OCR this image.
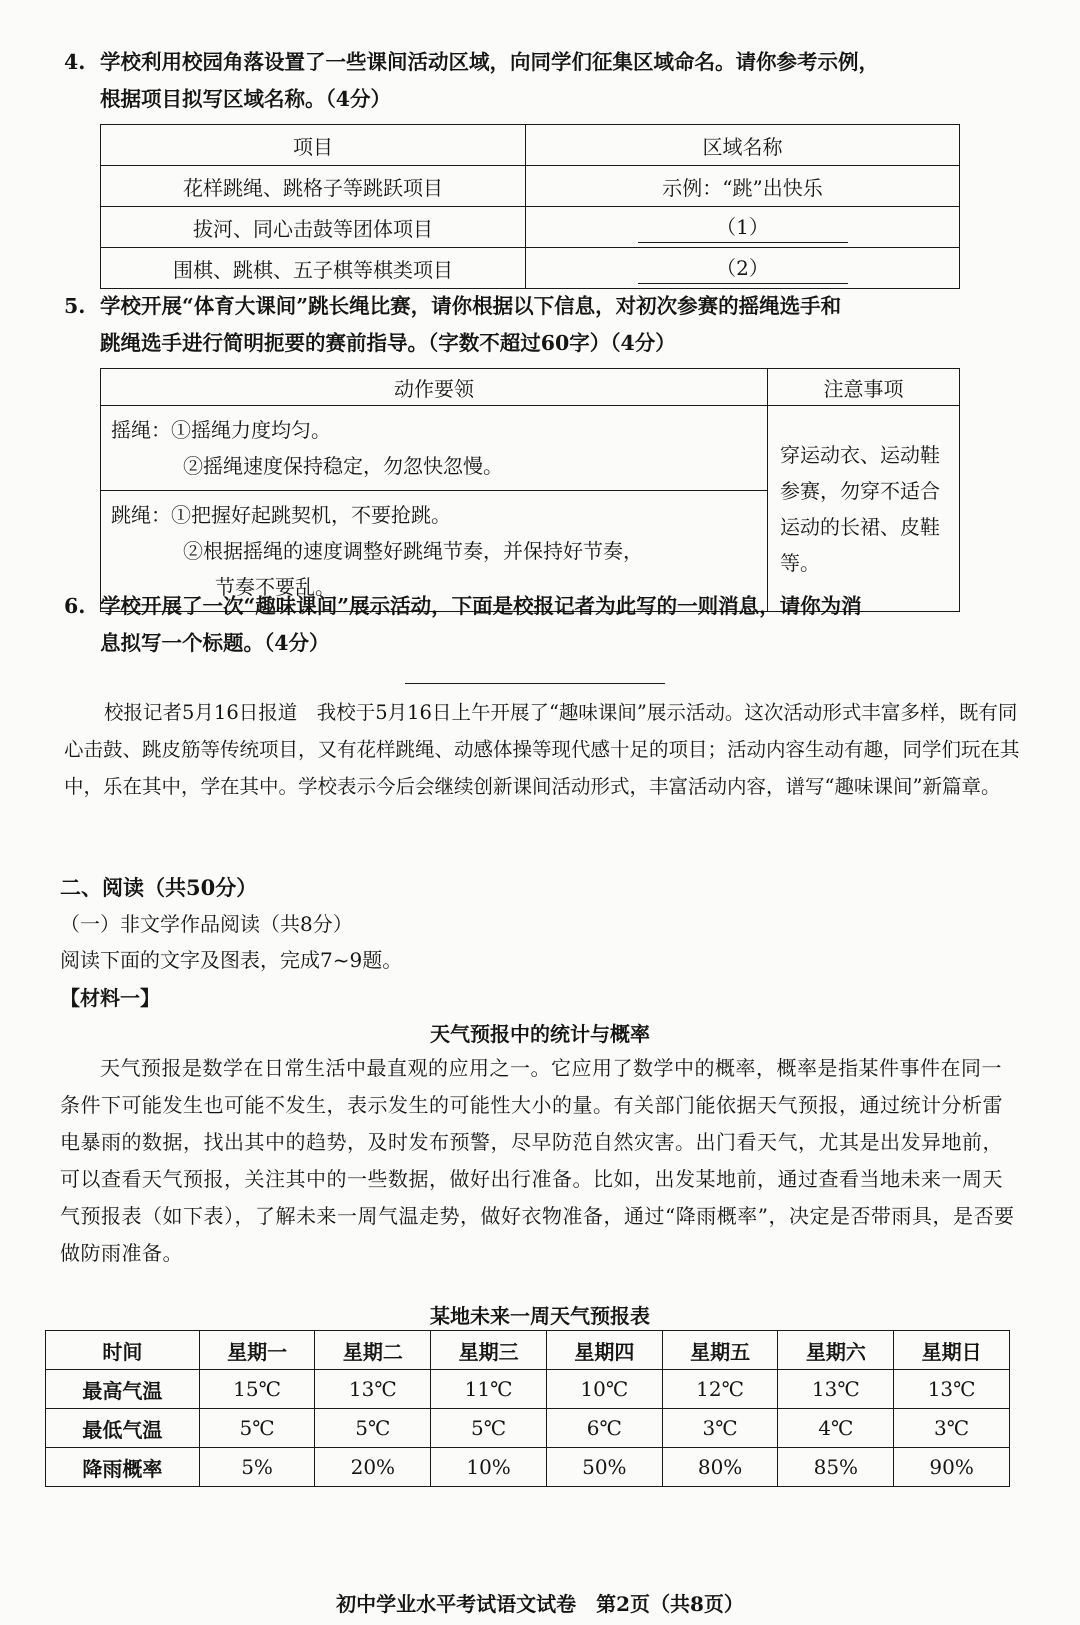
4. 学校利用校园角落设置了一些课间活动区域，向同学们征集区域命名。请你参考示例，
根据项目拟写区域名称。（4分）
项目	区域名称
花样跳绳、跳格子等跳跃项目	示例：“跳”出快乐
拔河、同心击鼓等团体项目	（1）
围棋、跳棋、五子棋等棋类项目	（2）
5. 学校开展“体育大课间”跳长绳比赛，请你根据以下信息，对初次参赛的摇绳选手和
跳绳选手进行简明扼要的赛前指导。（字数不超过60字）（4分）
动作要领	注意事项

摇绳：①摇绳力度均匀。
②摇绳速度保持稳定，勿忽快忽慢。	穿运动衣、运动鞋参赛，勿穿不适合运动的长裙、皮鞋等。

跳绳：①把握好起跳契机，不要抢跳。
②根据摇绳的速度调整好跳绳节奏，并保持好节奏，
节奏不要乱。	
6. 学校开展了一次“趣味课间”展示活动，下面是校报记者为此写的一则消息，请你为消
息拟写一个标题。（4分）
校报记者5月16日报道　我校于5月16日上午开展了“趣味课间”展示活动。这次活动形式丰富多样，既有同心击鼓、跳皮筋等传统项目，又有花样跳绳、动感体操等现代感十足的项目；活动内容生动有趣，同学们玩在其中，乐在其中，学在其中。学校表示今后会继续创新课间活动形式，丰富活动内容，谱写“趣味课间”新篇章。
二、阅读（共50分）
（一）非文学作品阅读（共8分）
阅读下面的文字及图表，完成7~9题。
【材料一】
天气预报中的统计与概率
天气预报是数学在日常生活中最直观的应用之一。它应用了数学中的概率，概率是指某件事件在同一条件下可能发生也可能不发生，表示发生的可能性大小的量。有关部门能依据天气预报，通过统计分析雷电暴雨的数据，找出其中的趋势，及时发布预警，尽早防范自然灾害。出门看天气，尤其是出发异地前，可以查看天气预报，关注其中的一些数据，做好出行准备。比如，出发某地前，通过查看当地未来一周天气预报表（如下表），了解未来一周气温走势，做好衣物准备，通过“降雨概率”，决定是否带雨具，是否要做防雨准备。
某地未来一周天气预报表
时间	星期一	星期二	星期三	星期四	星期五	星期六	星期日
最高气温	15℃	13℃	11℃	10℃	12℃	13℃	13℃
最低气温	5℃	5℃	5℃	6℃	3℃	4℃	3℃
降雨概率	5%	20%	10%	50%	80%	85%	90%
初中学业水平考试语文试卷　第2页（共8页）
